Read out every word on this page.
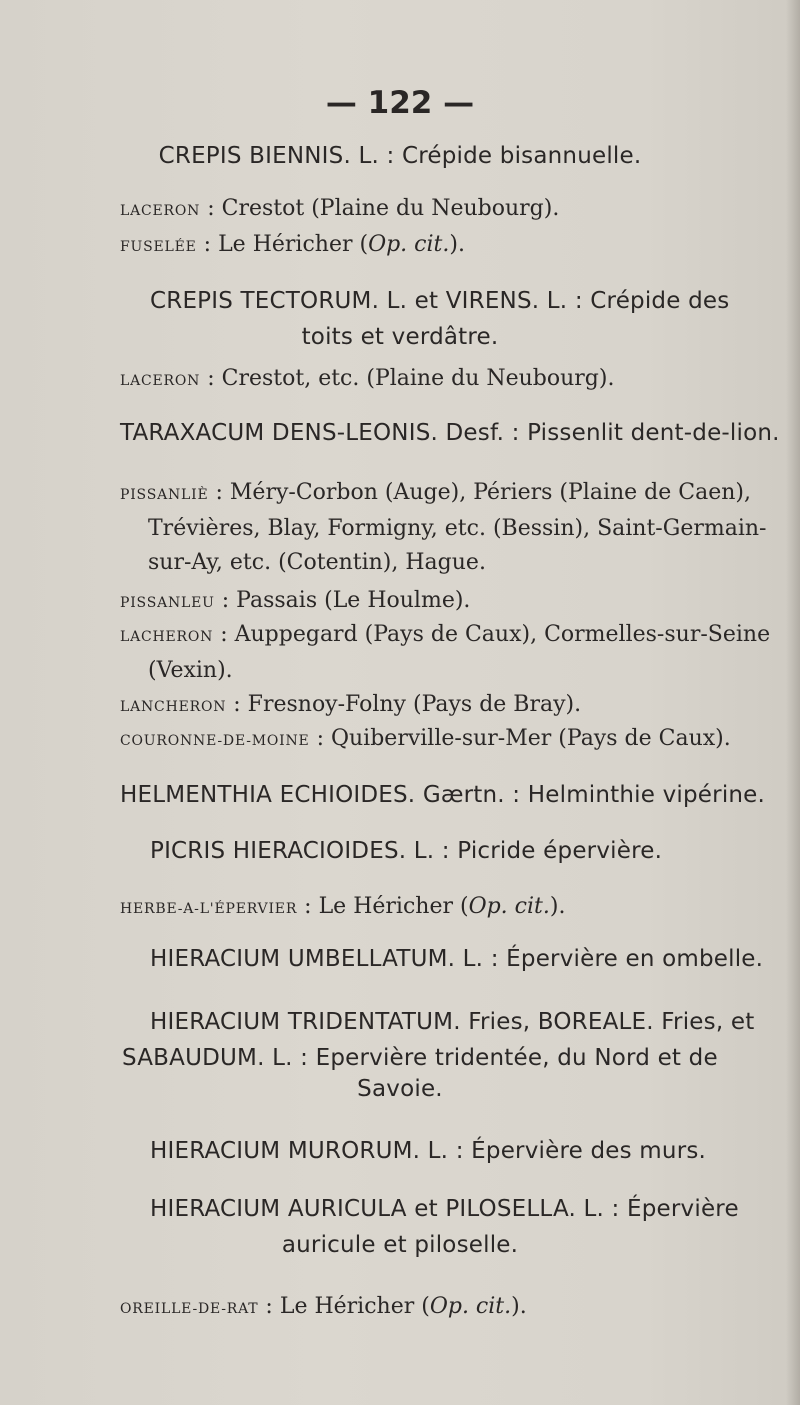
— 122 —
CREPIS BIENNIS. L. : Crépide bisannuelle.
LACERON : Crestot (Plaine du Neubourg).
FUSELÉE : Le Héricher (Op. cit.).
CREPIS TECTORUM. L. et VIRENS. L. : Crépide des
toits et verdâtre.
LACERON : Crestot, etc. (Plaine du Neubourg).
TARAXACUM DENS-LEONIS. Desf. : Pissenlit dent-de-lion.
PISSANLIÈ : Méry-Corbon (Auge), Périers (Plaine de Caen),
Trévières, Blay, Formigny, etc. (Bessin), Saint-Germain-
sur-Ay, etc. (Cotentin), Hague.
PISSANLEU : Passais (Le Houlme).
LACHERON : Auppegard (Pays de Caux), Cormelles-sur-Seine
(Vexin).
LANCHERON : Fresnoy-Folny (Pays de Bray).
COURONNE-DE-MOINE : Quiberville-sur-Mer (Pays de Caux).
HELMENTHIA ECHIOIDES. Gærtn. : Helminthie vipérine.
PICRIS HIERACIOIDES. L. : Picride épervière.
HERBE-A-L'ÉPERVIER : Le Héricher (Op. cit.).
HIERACIUM UMBELLATUM. L. : Épervière en ombelle.
HIERACIUM TRIDENTATUM. Fries, BOREALE. Fries, et
SABAUDUM. L. : Epervière tridentée, du Nord et de
Savoie.
HIERACIUM MURORUM. L. : Épervière des murs.
HIERACIUM AURICULA et PILOSELLA. L. : Épervière
auricule et piloselle.
OREILLE-DE-RAT : Le Héricher (Op. cit.).
